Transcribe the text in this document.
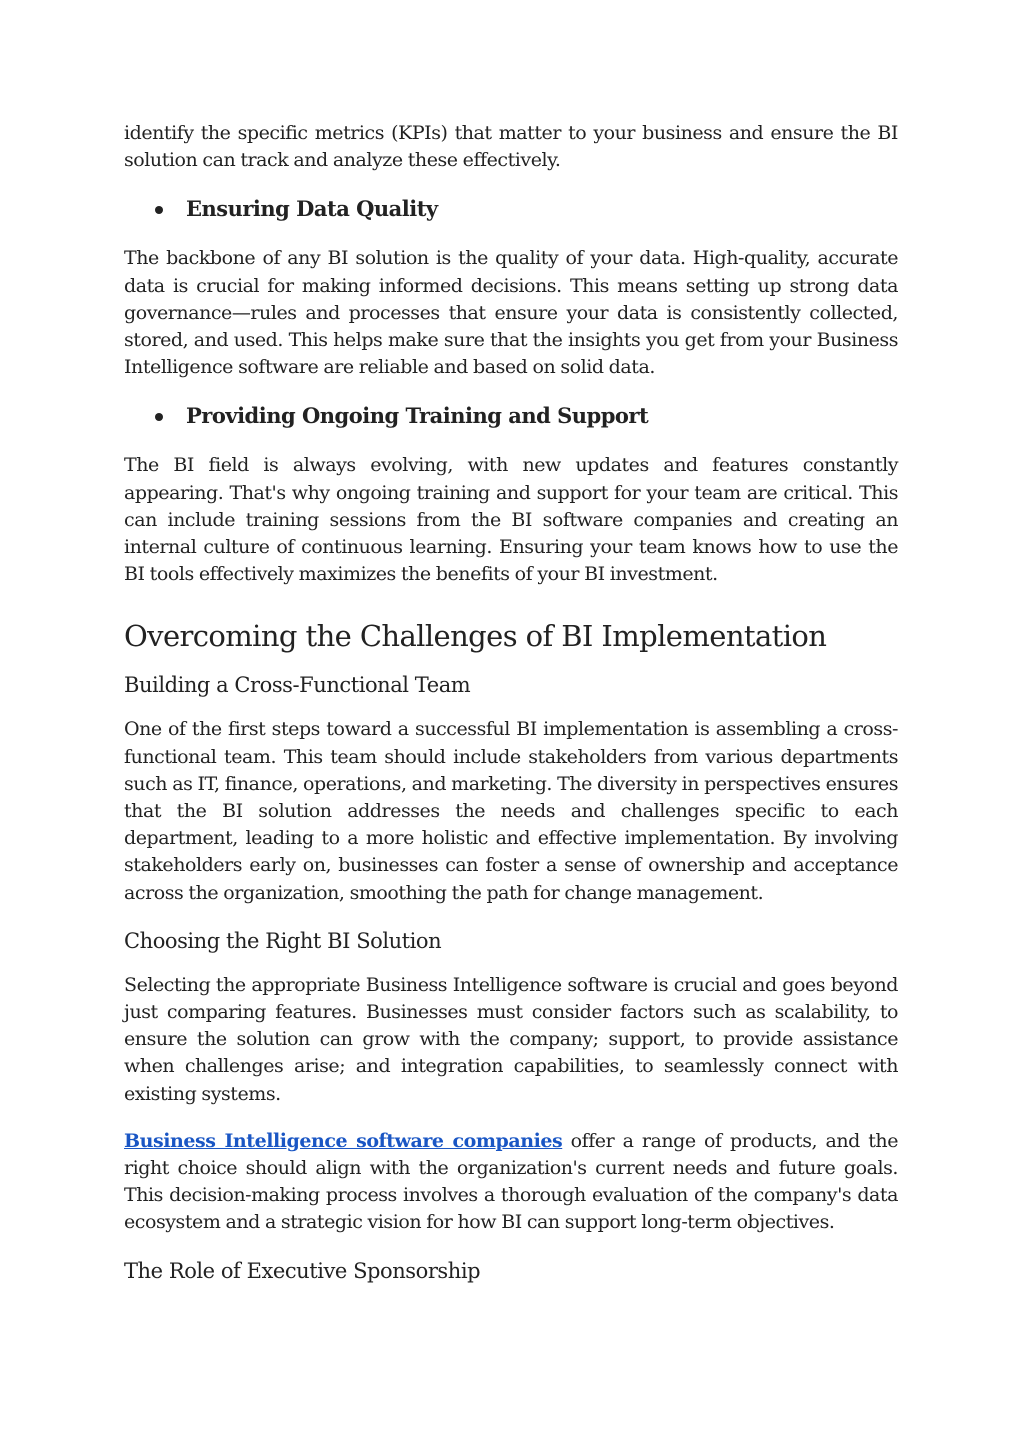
identify the specific metrics (KPIs) that matter to your business and ensure the BI solution can track and analyze these effectively.

Ensuring Data Quality

The backbone of any BI solution is the quality of your data. High-quality, accurate data is crucial for making informed decisions. This means setting up strong data governance—rules and processes that ensure your data is consistently collected, stored, and used. This helps make sure that the insights you get from your Business Intelligence software are reliable and based on solid data.

Providing Ongoing Training and Support

The BI field is always evolving, with new updates and features constantly appearing. That's why ongoing training and support for your team are critical. This can include training sessions from the BI software companies and creating an internal culture of continuous learning. Ensuring your team knows how to use the BI tools effectively maximizes the benefits of your BI investment.

Overcoming the Challenges of BI Implementation
Building a Cross-Functional Team

One of the first steps toward a successful BI implementation is assembling a cross-functional team. This team should include stakeholders from various departments such as IT, finance, operations, and marketing. The diversity in perspectives ensures that the BI solution addresses the needs and challenges specific to each department, leading to a more holistic and effective implementation. By involving stakeholders early on, businesses can foster a sense of ownership and acceptance across the organization, smoothing the path for change management.

Choosing the Right BI Solution

Selecting the appropriate Business Intelligence software is crucial and goes beyond just comparing features. Businesses must consider factors such as scalability, to ensure the solution can grow with the company; support, to provide assistance when challenges arise; and integration capabilities, to seamlessly connect with existing systems.

Business Intelligence software companies offer a range of products, and the right choice should align with the organization's current needs and future goals. This decision-making process involves a thorough evaluation of the company's data ecosystem and a strategic vision for how BI can support long-term objectives.

The Role of Executive Sponsorship
